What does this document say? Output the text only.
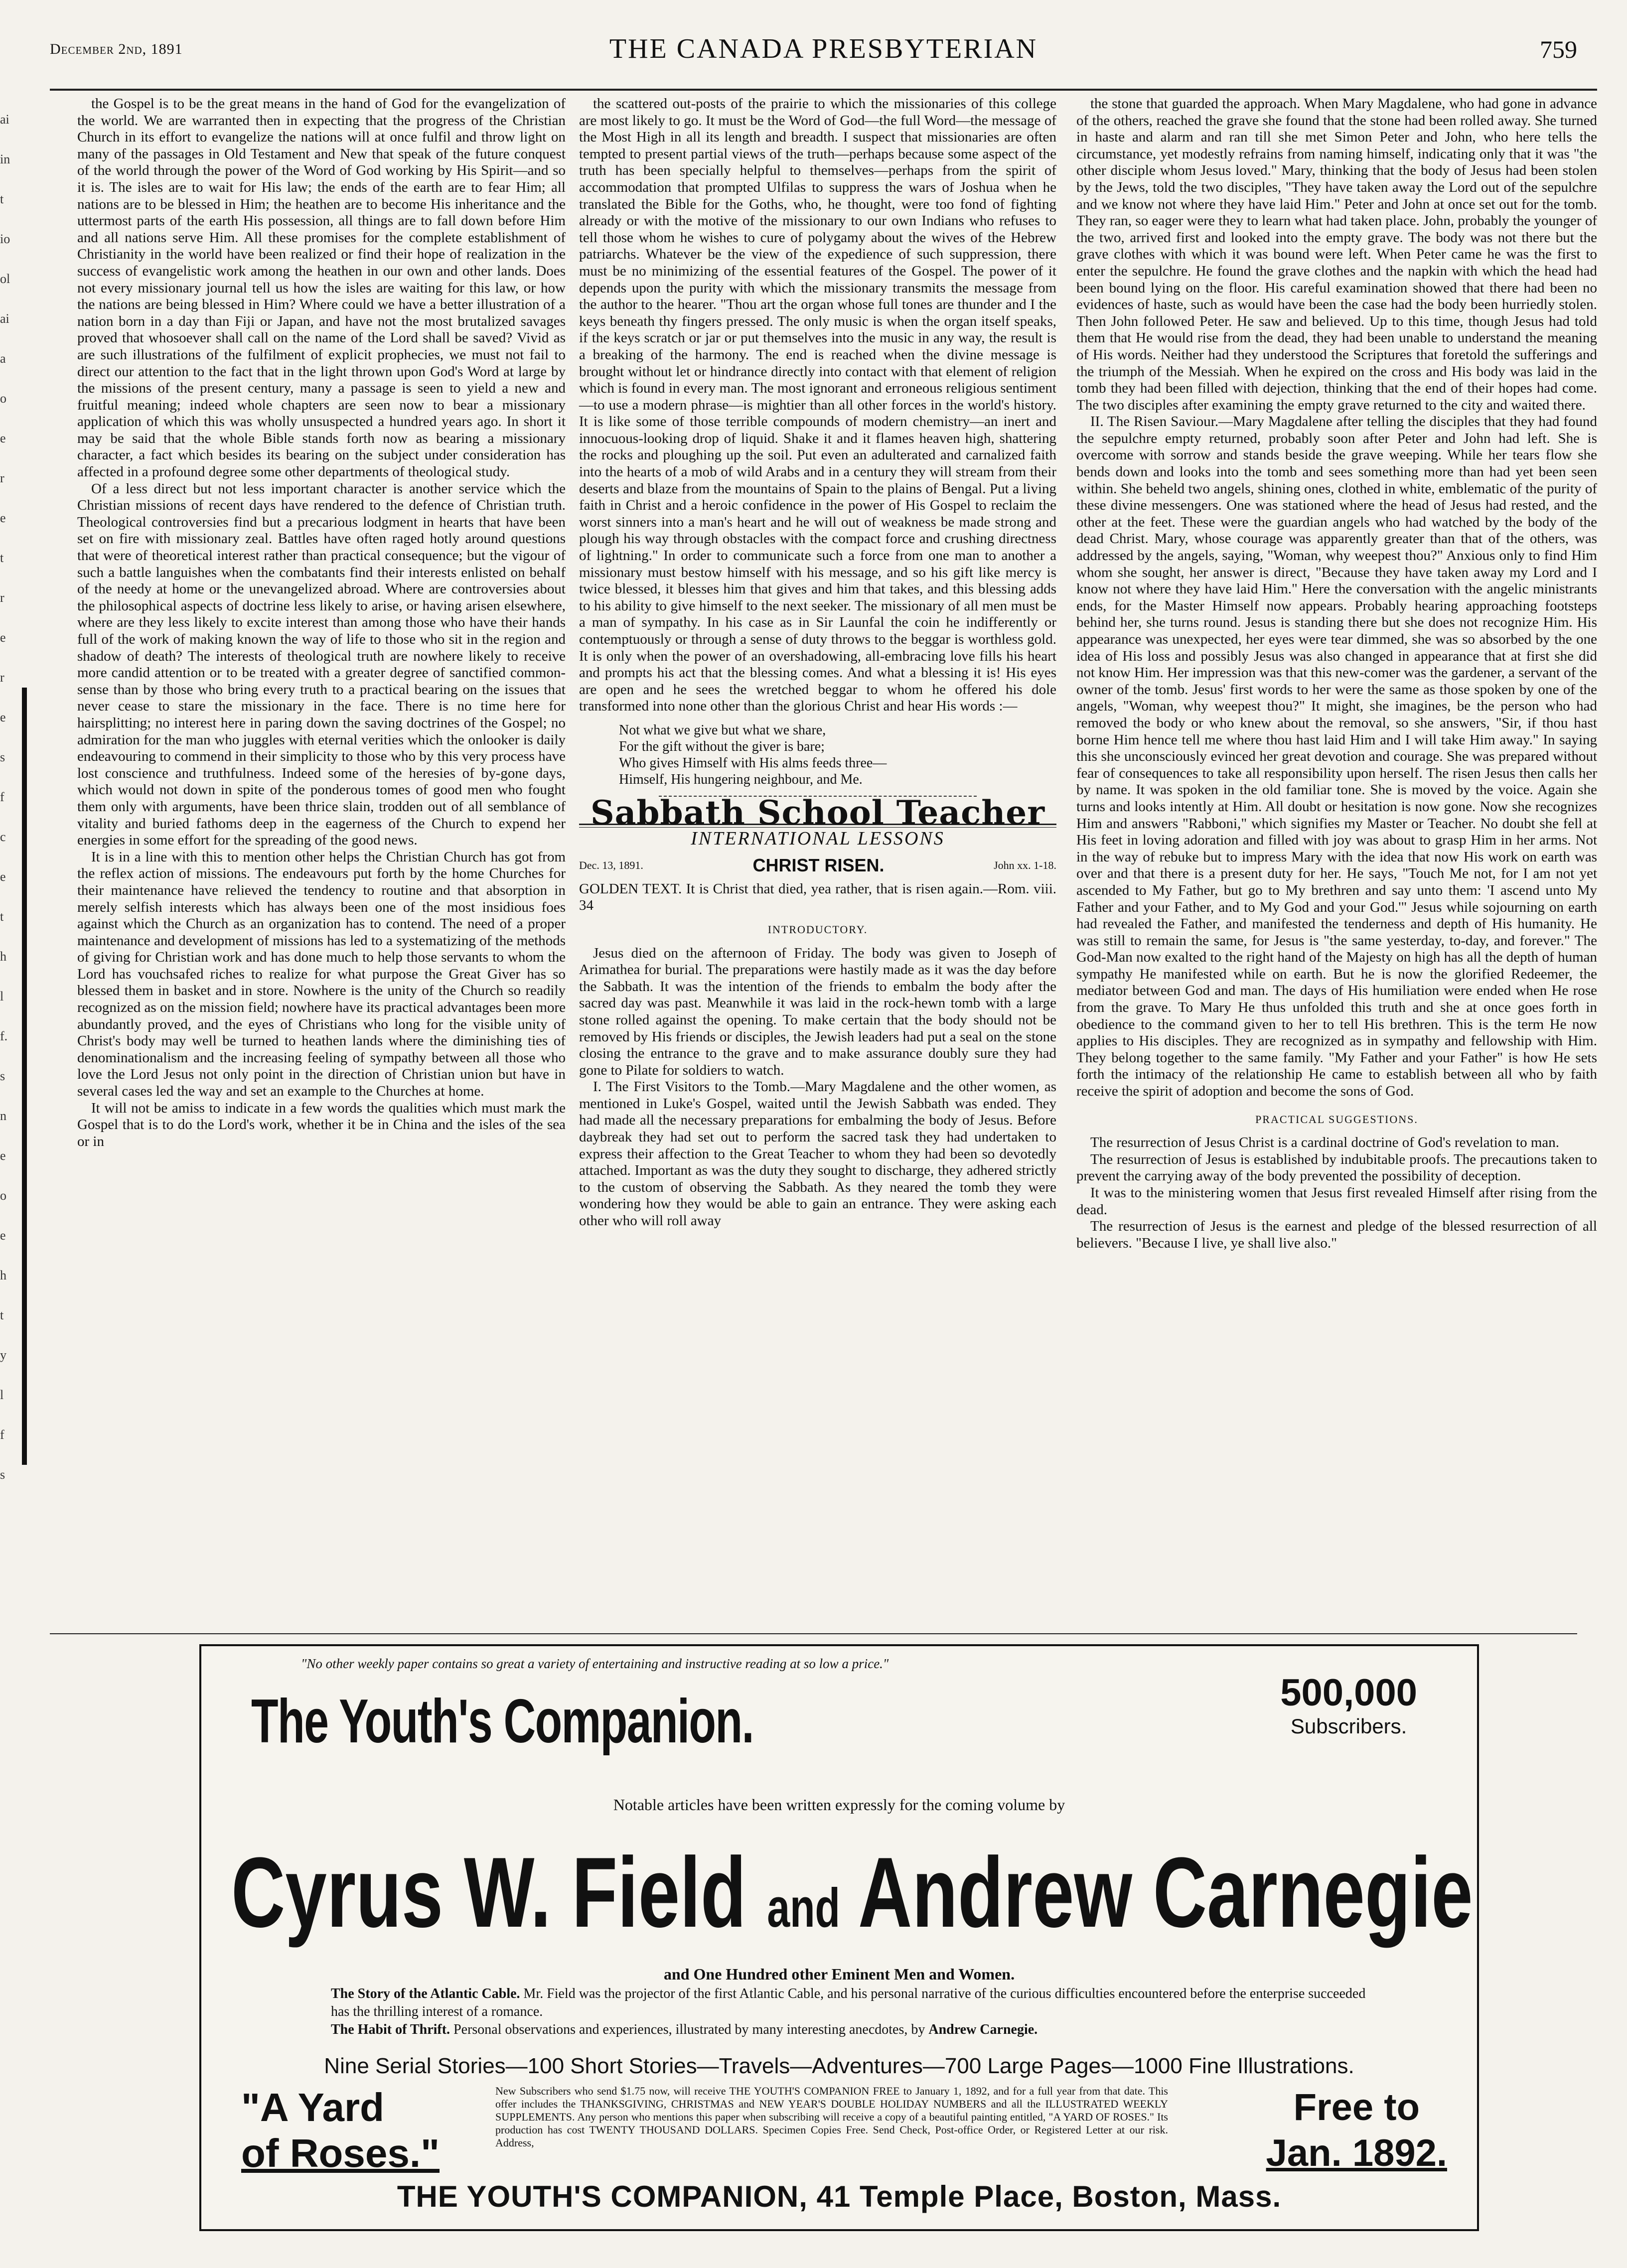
December 2nd, 1891	THE CANADA PRESBYTERIAN	759
ai
in
t
io
ol
ai
a
o
e
r
e
t
r
e
r
e
s
f
c
e
t
h
l
f.
s
n
e
o
e
h
t
y
l
f
s

the Gospel is to be the great means in the hand of God for the evangelization of the world. We are warranted then in expecting that the progress of the Christian Church in its effort to evangelize the nations will at once fulfil and throw light on many of the passages in Old Testament and New that speak of the future conquest of the world through the power of the Word of God working by His Spirit—and so it is. The isles are to wait for His law; the ends of the earth are to fear Him; all nations are to be blessed in Him; the heathen are to become His inheritance and the uttermost parts of the earth His possession, all things are to fall down before Him and all nations serve Him. All these promises for the complete establishment of Christianity in the world have been realized or find their hope of realization in the success of evangelistic work among the heathen in our own and other lands. Does not every missionary journal tell us how the isles are waiting for this law, or how the nations are being blessed in Him? Where could we have a better illustration of a nation born in a day than Fiji or Japan, and have not the most brutalized savages proved that whosoever shall call on the name of the Lord shall be saved? Vivid as are such illustrations of the fulfilment of explicit prophecies, we must not fail to direct our attention to the fact that in the light thrown upon God's Word at large by the missions of the present century, many a passage is seen to yield a new and fruitful meaning; indeed whole chapters are seen now to bear a missionary application of which this was wholly unsuspected a hundred years ago. In short it may be said that the whole Bible stands forth now as bearing a missionary character, a fact which besides its bearing on the subject under consideration has affected in a profound degree some other departments of theological study.

Of a less direct but not less important character is another service which the Christian missions of recent days have rendered to the defence of Christian truth. Theological controversies find but a precarious lodgment in hearts that have been set on fire with missionary zeal. Battles have often raged hotly around questions that were of theoretical interest rather than practical consequence; but the vigour of such a battle languishes when the combatants find their interests enlisted on behalf of the needy at home or the unevangelized abroad. Where are controversies about the philosophical aspects of doctrine less likely to arise, or having arisen elsewhere, where are they less likely to excite interest than among those who have their hands full of the work of making known the way of life to those who sit in the region and shadow of death? The interests of theological truth are nowhere likely to receive more candid attention or to be treated with a greater degree of sanctified common-sense than by those who bring every truth to a practical bearing on the issues that never cease to stare the missionary in the face. There is no time here for hairsplitting; no interest here in paring down the saving doctrines of the Gospel; no admiration for the man who juggles with eternal verities which the onlooker is daily endeavouring to commend in their simplicity to those who by this very process have lost conscience and truthfulness. Indeed some of the heresies of by-gone days, which would not down in spite of the ponderous tomes of good men who fought them only with arguments, have been thrice slain, trodden out of all semblance of vitality and buried fathoms deep in the eagerness of the Church to expend her energies in some effort for the spreading of the good news.

It is in a line with this to mention other helps the Christian Church has got from the reflex action of missions. The endeavours put forth by the home Churches for their maintenance have relieved the tendency to routine and that absorption in merely selfish interests which has always been one of the most insidious foes against which the Church as an organization has to contend. The need of a proper maintenance and development of missions has led to a systematizing of the methods of giving for Christian work and has done much to help those servants to whom the Lord has vouchsafed riches to realize for what purpose the Great Giver has so blessed them in basket and in store. Nowhere is the unity of the Church so readily recognized as on the mission field; nowhere have its practical advantages been more abundantly proved, and the eyes of Christians who long for the visible unity of Christ's body may well be turned to heathen lands where the diminishing ties of denominationalism and the increasing feeling of sympathy between all those who love the Lord Jesus not only point in the direction of Christian union but have in several cases led the way and set an example to the Churches at home.

It will not be amiss to indicate in a few words the qualities which must mark the Gospel that is to do the Lord's work, whether it be in China and the isles of the sea or in

the scattered out-posts of the prairie to which the missionaries of this college are most likely to go. It must be the Word of God—the full Word—the message of the Most High in all its length and breadth. I suspect that missionaries are often tempted to present partial views of the truth—perhaps because some aspect of the truth has been specially helpful to themselves—perhaps from the spirit of accommodation that prompted Ulfilas to suppress the wars of Joshua when he translated the Bible for the Goths, who, he thought, were too fond of fighting already or with the motive of the missionary to our own Indians who refuses to tell those whom he wishes to cure of polygamy about the wives of the Hebrew patriarchs. Whatever be the view of the expedience of such suppression, there must be no minimizing of the essential features of the Gospel. The power of it depends upon the purity with which the missionary transmits the message from the author to the hearer. "Thou art the organ whose full tones are thunder and I the keys beneath thy fingers pressed. The only music is when the organ itself speaks, if the keys scratch or jar or put themselves into the music in any way, the result is a breaking of the harmony. The end is reached when the divine message is brought without let or hindrance directly into contact with that element of religion which is found in every man. The most ignorant and erroneous religious sentiment—to use a modern phrase—is mightier than all other forces in the world's history. It is like some of those terrible compounds of modern chemistry—an inert and innocuous-looking drop of liquid. Shake it and it flames heaven high, shattering the rocks and ploughing up the soil. Put even an adulterated and carnalized faith into the hearts of a mob of wild Arabs and in a century they will stream from their deserts and blaze from the mountains of Spain to the plains of Bengal. Put a living faith in Christ and a heroic confidence in the power of His Gospel to reclaim the worst sinners into a man's heart and he will out of weakness be made strong and plough his way through obstacles with the compact force and crushing directness of lightning." In order to communicate such a force from one man to another a missionary must bestow himself with his message, and so his gift like mercy is twice blessed, it blesses him that gives and him that takes, and this blessing adds to his ability to give himself to the next seeker. The missionary of all men must be a man of sympathy. In his case as in Sir Launfal the coin he indifferently or contemptuously or through a sense of duty throws to the beggar is worthless gold. It is only when the power of an overshadowing, all-embracing love fills his heart and prompts his act that the blessing comes. And what a blessing it is! His eyes are open and he sees the wretched beggar to whom he offered his dole transformed into none other than the glorious Christ and hear His words :—

Not what we give but what we share,
For the gift without the giver is bare;
Who gives Himself with His alms feeds three—
Himself, His hungering neighbour, and Me.
Sabbath School Teacher
INTERNATIONAL LESSONS
Dec. 13, 1891.	CHRIST RISEN.	John xx. 1-18.
GOLDEN TEXT. It is Christ that died, yea rather, that is risen again.—Rom. viii. 34
INTRODUCTORY.

Jesus died on the afternoon of Friday. The body was given to Joseph of Arimathea for burial. The preparations were hastily made as it was the day before the Sabbath. It was the intention of the friends to embalm the body after the sacred day was past. Meanwhile it was laid in the rock-hewn tomb with a large stone rolled against the opening. To make certain that the body should not be removed by His friends or disciples, the Jewish leaders had put a seal on the stone closing the entrance to the grave and to make assurance doubly sure they had gone to Pilate for soldiers to watch.

I. The First Visitors to the Tomb.—Mary Magdalene and the other women, as mentioned in Luke's Gospel, waited until the Jewish Sabbath was ended. They had made all the necessary preparations for embalming the body of Jesus. Before daybreak they had set out to perform the sacred task they had undertaken to express their affection to the Great Teacher to whom they had been so devotedly attached. Important as was the duty they sought to discharge, they adhered strictly to the custom of observing the Sabbath. As they neared the tomb they were wondering how they would be able to gain an entrance. They were asking each other who will roll away

the stone that guarded the approach. When Mary Magdalene, who had gone in advance of the others, reached the grave she found that the stone had been rolled away. She turned in haste and alarm and ran till she met Simon Peter and John, who here tells the circumstance, yet modestly refrains from naming himself, indicating only that it was "the other disciple whom Jesus loved." Mary, thinking that the body of Jesus had been stolen by the Jews, told the two disciples, "They have taken away the Lord out of the sepulchre and we know not where they have laid Him." Peter and John at once set out for the tomb. They ran, so eager were they to learn what had taken place. John, probably the younger of the two, arrived first and looked into the empty grave. The body was not there but the grave clothes with which it was bound were left. When Peter came he was the first to enter the sepulchre. He found the grave clothes and the napkin with which the head had been bound lying on the floor. His careful examination showed that there had been no evidences of haste, such as would have been the case had the body been hurriedly stolen. Then John followed Peter. He saw and believed. Up to this time, though Jesus had told them that He would rise from the dead, they had been unable to understand the meaning of His words. Neither had they understood the Scriptures that foretold the sufferings and the triumph of the Messiah. When he expired on the cross and His body was laid in the tomb they had been filled with dejection, thinking that the end of their hopes had come. The two disciples after examining the empty grave returned to the city and waited there.

II. The Risen Saviour.—Mary Magdalene after telling the disciples that they had found the sepulchre empty returned, probably soon after Peter and John had left. She is overcome with sorrow and stands beside the grave weeping. While her tears flow she bends down and looks into the tomb and sees something more than had yet been seen within. She beheld two angels, shining ones, clothed in white, emblematic of the purity of these divine messengers. One was stationed where the head of Jesus had rested, and the other at the feet. These were the guardian angels who had watched by the body of the dead Christ. Mary, whose courage was apparently greater than that of the others, was addressed by the angels, saying, "Woman, why weepest thou?" Anxious only to find Him whom she sought, her answer is direct, "Because they have taken away my Lord and I know not where they have laid Him." Here the conversation with the angelic ministrants ends, for the Master Himself now appears. Probably hearing approaching footsteps behind her, she turns round. Jesus is standing there but she does not recognize Him. His appearance was unexpected, her eyes were tear dimmed, she was so absorbed by the one idea of His loss and possibly Jesus was also changed in appearance that at first she did not know Him. Her impression was that this new-comer was the gardener, a servant of the owner of the tomb. Jesus' first words to her were the same as those spoken by one of the angels, "Woman, why weepest thou?" It might, she imagines, be the person who had removed the body or who knew about the removal, so she answers, "Sir, if thou hast borne Him hence tell me where thou hast laid Him and I will take Him away." In saying this she unconsciously evinced her great devotion and courage. She was prepared without fear of consequences to take all responsibility upon herself. The risen Jesus then calls her by name. It was spoken in the old familiar tone. She is moved by the voice. Again she turns and looks intently at Him. All doubt or hesitation is now gone. Now she recognizes Him and answers "Rabboni," which signifies my Master or Teacher. No doubt she fell at His feet in loving adoration and filled with joy was about to grasp Him in her arms. Not in the way of rebuke but to impress Mary with the idea that now His work on earth was over and that there is a present duty for her. He says, "Touch Me not, for I am not yet ascended to My Father, but go to My brethren and say unto them: 'I ascend unto My Father and your Father, and to My God and your God.'" Jesus while sojourning on earth had revealed the Father, and manifested the tenderness and depth of His humanity. He was still to remain the same, for Jesus is "the same yesterday, to-day, and forever." The God-Man now exalted to the right hand of the Majesty on high has all the depth of human sympathy He manifested while on earth. But he is now the glorified Redeemer, the mediator between God and man. The days of His humiliation were ended when He rose from the grave. To Mary He thus unfolded this truth and she at once goes forth in obedience to the command given to her to tell His brethren. This is the term He now applies to His disciples. They are recognized as in sympathy and fellowship with Him. They belong together to the same family. "My Father and your Father" is how He sets forth the intimacy of the relationship He came to establish between all who by faith receive the spirit of adoption and become the sons of God.

PRACTICAL SUGGESTIONS.

The resurrection of Jesus Christ is a cardinal doctrine of God's revelation to man.

The resurrection of Jesus is established by indubitable proofs. The precautions taken to prevent the carrying away of the body prevented the possibility of deception.

It was to the ministering women that Jesus first revealed Himself after rising from the dead.

The resurrection of Jesus is the earnest and pledge of the blessed resurrection of all believers. "Because I live, ye shall live also."

"No other weekly paper contains so great a variety of entertaining and instructive reading at so low a price."
The Youth's Companion.	500,000
Subscribers.
Notable articles have been written expressly for the coming volume by
Cyrus W. Field and Andrew Carnegie
and One Hundred other Eminent Men and Women.
The Story of the Atlantic Cable. Mr. Field was the projector of the first Atlantic Cable, and his personal narrative of the curious difficulties encountered before the enterprise succeeded has the thrilling interest of a romance.
The Habit of Thrift. Personal observations and experiences, illustrated by many interesting anecdotes, by Andrew Carnegie.
Nine Serial Stories—100 Short Stories—Travels—Adventures—700 Large Pages—1000 Fine Illustrations.
"A Yard
of Roses."
New Subscribers who send $1.75 now, will receive THE YOUTH'S COMPANION FREE to January 1, 1892, and for a full year from that date. This offer includes the THANKSGIVING, CHRISTMAS and NEW YEAR'S DOUBLE HOLIDAY NUMBERS and all the ILLUSTRATED WEEKLY SUPPLEMENTS. Any person who mentions this paper when subscribing will receive a copy of a beautiful painting entitled, "A YARD OF ROSES." Its production has cost TWENTY THOUSAND DOLLARS. Specimen Copies Free. Send Check, Post-office Order, or Registered Letter at our risk. Address,
Free to
Jan. 1892.
THE YOUTH'S COMPANION, 41 Temple Place, Boston, Mass.
